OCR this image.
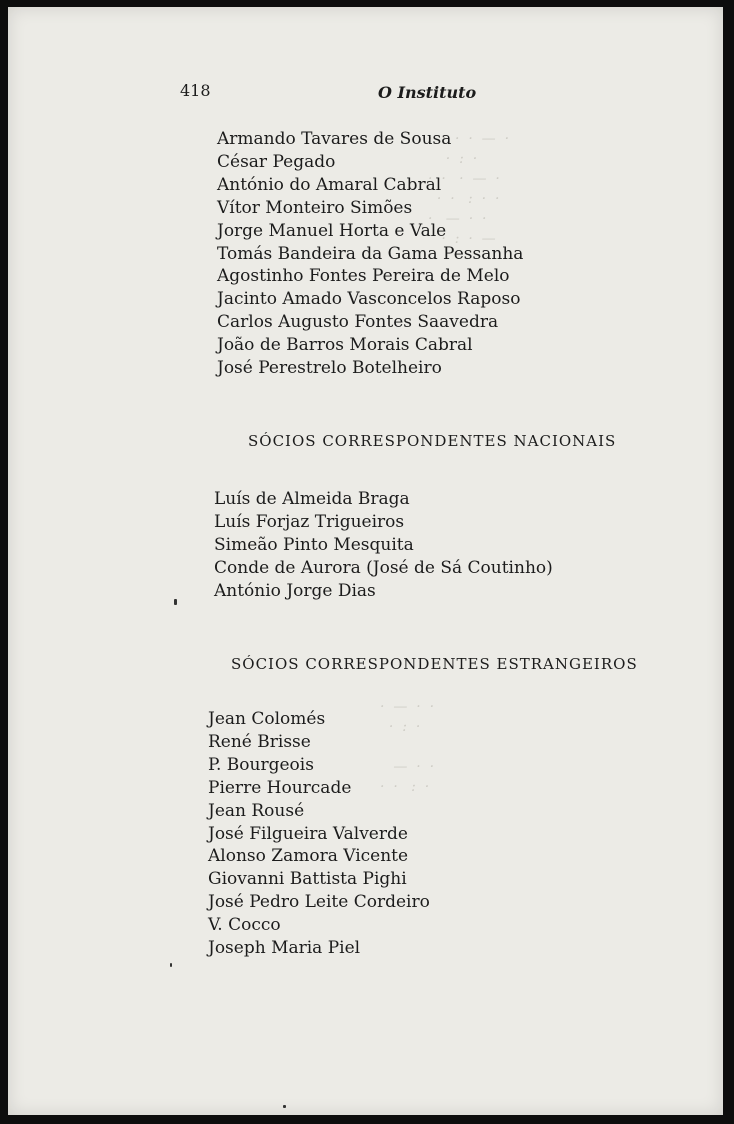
·  :  ·  ·  —  ·
·  :  ·
·  ·   ·  —  ·
·  ·   :  ·  ·
·   —  ·  ·
·  :  ·  —
·  —  ·  ·
·  :  ·

—  ·  ·
·  ·   :  ·
418	O Instituto
Armando Tavares de Sousa
César Pegado
António do Amaral Cabral
Vítor Monteiro Simões
Jorge Manuel Horta e Vale
Tomás Bandeira da Gama Pessanha
Agostinho Fontes Pereira de Melo
Jacinto Amado Vasconcelos Raposo
Carlos Augusto Fontes Saavedra
João de Barros Morais Cabral
José Perestrelo Botelheiro
SÓCIOS CORRESPONDENTES NACIONAIS
Luís de Almeida Braga
Luís Forjaz Trigueiros
Simeão Pinto Mesquita
Conde de Aurora (José de Sá Coutinho)
António Jorge Dias
SÓCIOS CORRESPONDENTES ESTRANGEIROS
Jean Colomés
René Brisse
P. Bourgeois
Pierre Hourcade
Jean Rousé
José Filgueira Valverde
Alonso Zamora Vicente
Giovanni Battista Pighi
José Pedro Leite Cordeiro
V. Cocco
Joseph Maria Piel
